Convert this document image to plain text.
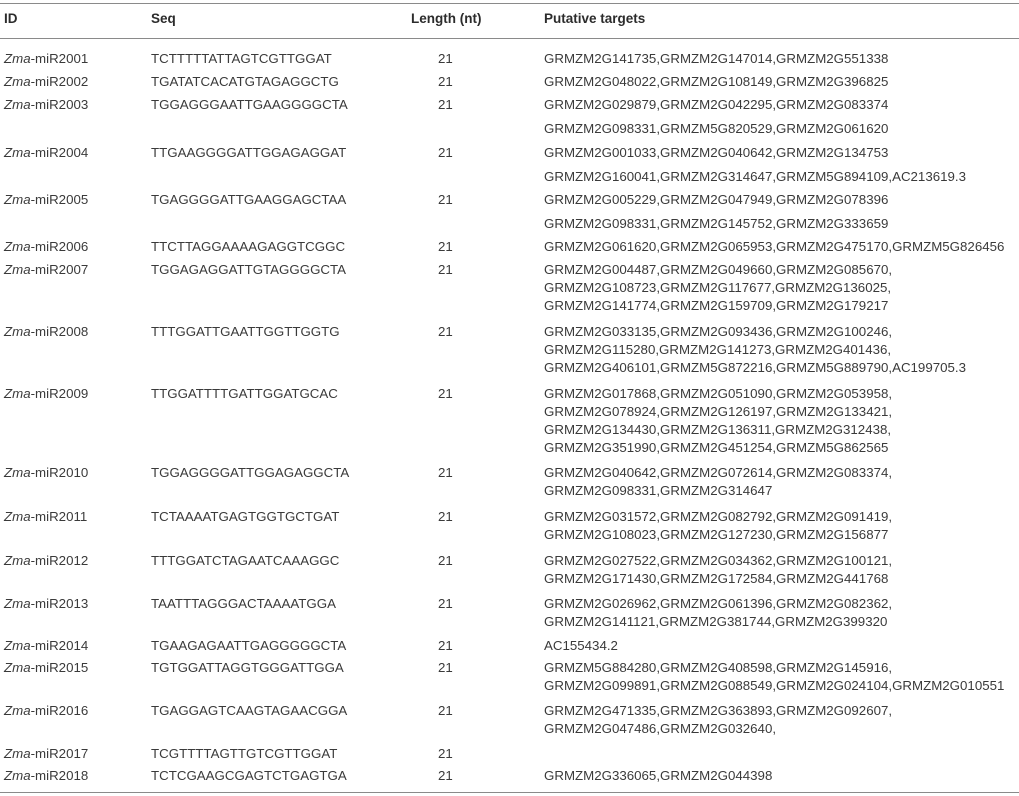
ID	Seq	Length (nt)	Putative targets
Zma-miR2001	TCTTTTTATTAGTCGTTGGAT	21	GRMZM2G141735,GRMZM2G147014,GRMZM2G551338
Zma-miR2002	TGATATCACATGTAGAGGCTG	21	GRMZM2G048022,GRMZM2G108149,GRMZM2G396825
Zma-miR2003	TGGAGGGAATTGAAGGGGCTA	21	GRMZM2G029879,GRMZM2G042295,GRMZM2G083374
GRMZM2G098331,GRMZM5G820529,GRMZM2G061620
Zma-miR2004	TTGAAGGGGATTGGAGAGGAT	21	GRMZM2G001033,GRMZM2G040642,GRMZM2G134753
GRMZM2G160041,GRMZM2G314647,GRMZM5G894109,AC213619.3
Zma-miR2005	TGAGGGGATTGAAGGAGCTAA	21	GRMZM2G005229,GRMZM2G047949,GRMZM2G078396
GRMZM2G098331,GRMZM2G145752,GRMZM2G333659
Zma-miR2006	TTCTTAGGAAAAGAGGTCGGC	21	GRMZM2G061620,GRMZM2G065953,GRMZM2G475170,GRMZM5G826456
Zma-miR2007	TGGAGAGGATTGTAGGGGCTA	21	GRMZM2G004487,GRMZM2G049660,GRMZM2G085670,
GRMZM2G108723,GRMZM2G117677,GRMZM2G136025,
GRMZM2G141774,GRMZM2G159709,GRMZM2G179217
Zma-miR2008	TTTGGATTGAATTGGTTGGTG	21	GRMZM2G033135,GRMZM2G093436,GRMZM2G100246,
GRMZM2G115280,GRMZM2G141273,GRMZM2G401436,
GRMZM2G406101,GRMZM5G872216,GRMZM5G889790,AC199705.3
Zma-miR2009	TTGGATTTTGATTGGATGCAC	21	GRMZM2G017868,GRMZM2G051090,GRMZM2G053958,
GRMZM2G078924,GRMZM2G126197,GRMZM2G133421,
GRMZM2G134430,GRMZM2G136311,GRMZM2G312438,
GRMZM2G351990,GRMZM2G451254,GRMZM5G862565
Zma-miR2010	TGGAGGGGATTGGAGAGGCTA	21	GRMZM2G040642,GRMZM2G072614,GRMZM2G083374,
GRMZM2G098331,GRMZM2G314647
Zma-miR2011	TCTAAAATGAGTGGTGCTGAT	21	GRMZM2G031572,GRMZM2G082792,GRMZM2G091419,
GRMZM2G108023,GRMZM2G127230,GRMZM2G156877
Zma-miR2012	TTTGGATCTAGAATCAAAGGC	21	GRMZM2G027522,GRMZM2G034362,GRMZM2G100121,
GRMZM2G171430,GRMZM2G172584,GRMZM2G441768
Zma-miR2013	TAATTTAGGGACTAAAATGGA	21	GRMZM2G026962,GRMZM2G061396,GRMZM2G082362,
GRMZM2G141121,GRMZM2G381744,GRMZM2G399320
Zma-miR2014	TGAAGAGAATTGAGGGGGCTA	21	AC155434.2
Zma-miR2015	TGTGGATTAGGTGGGATTGGA	21	GRMZM5G884280,GRMZM2G408598,GRMZM2G145916,
GRMZM2G099891,GRMZM2G088549,GRMZM2G024104,GRMZM2G010551
Zma-miR2016	TGAGGAGTCAAGTAGAACGGA	21	GRMZM2G471335,GRMZM2G363893,GRMZM2G092607,
GRMZM2G047486,GRMZM2G032640,
Zma-miR2017	TCGTTTTAGTTGTCGTTGGAT	21
Zma-miR2018	TCTCGAAGCGAGTCTGAGTGA	21	GRMZM2G336065,GRMZM2G044398
